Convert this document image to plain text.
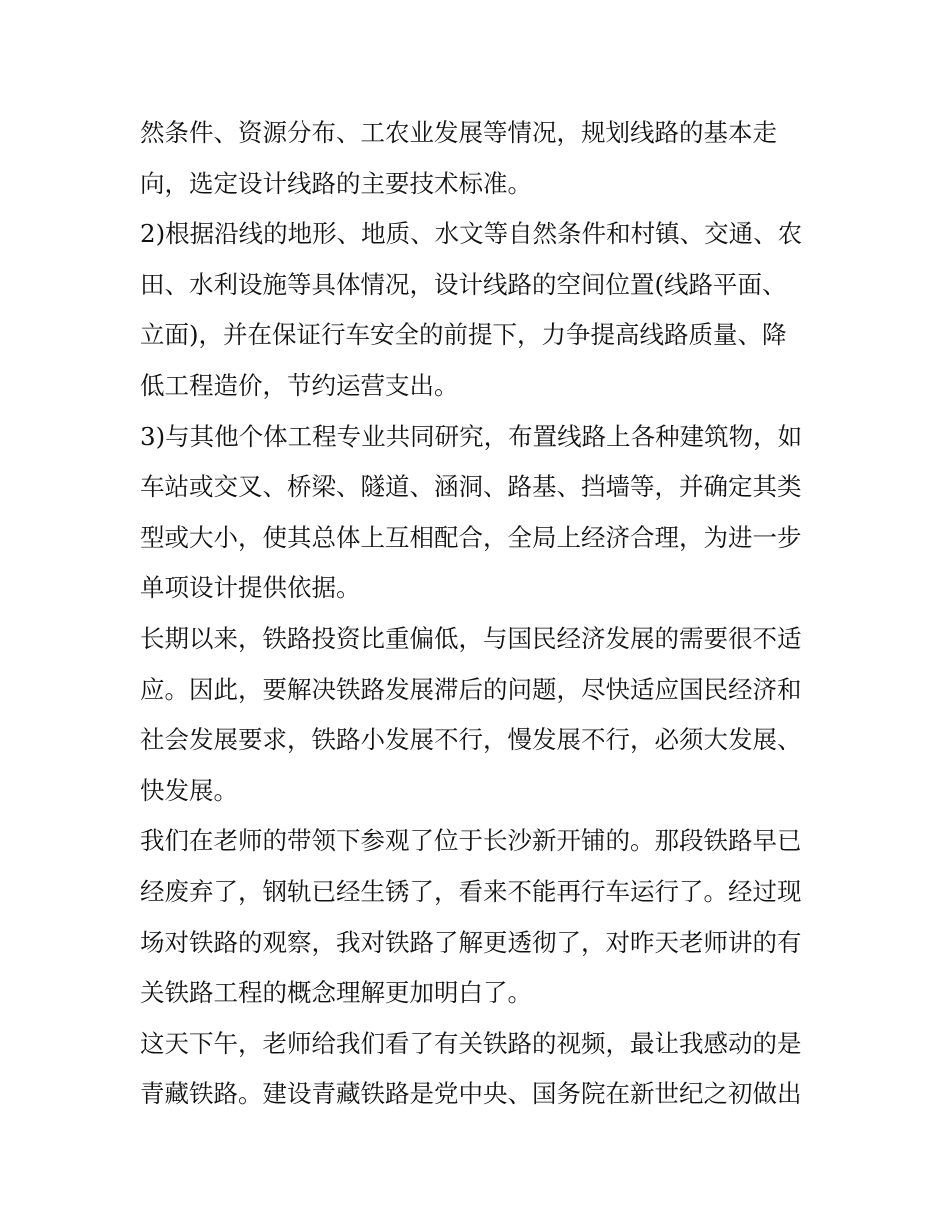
然条件、资源分布、工农业发展等情况，规划线路的基本走
向，选定设计线路的主要技术标准。
2)根据沿线的地形、地质、水文等自然条件和村镇、交通、农
田、水利设施等具体情况，设计线路的空间位置(线路平面、
立面)，并在保证行车安全的前提下，力争提高线路质量、降
低工程造价，节约运营支出。
3)与其他个体工程专业共同研究，布置线路上各种建筑物，如
车站或交叉、桥梁、隧道、涵洞、路基、挡墙等，并确定其类
型或大小，使其总体上互相配合，全局上经济合理，为进一步
单项设计提供依据。
长期以来，铁路投资比重偏低，与国民经济发展的需要很不适
应。因此，要解决铁路发展滞后的问题，尽快适应国民经济和
社会发展要求，铁路小发展不行，慢发展不行，必须大发展、
快发展。
我们在老师的带领下参观了位于长沙新开铺的。那段铁路早已
经废弃了，钢轨已经生锈了，看来不能再行车运行了。经过现
场对铁路的观察，我对铁路了解更透彻了，对昨天老师讲的有
关铁路工程的概念理解更加明白了。
这天下午，老师给我们看了有关铁路的视频，最让我感动的是
青藏铁路。建设青藏铁路是党中央、国务院在新世纪之初做出
